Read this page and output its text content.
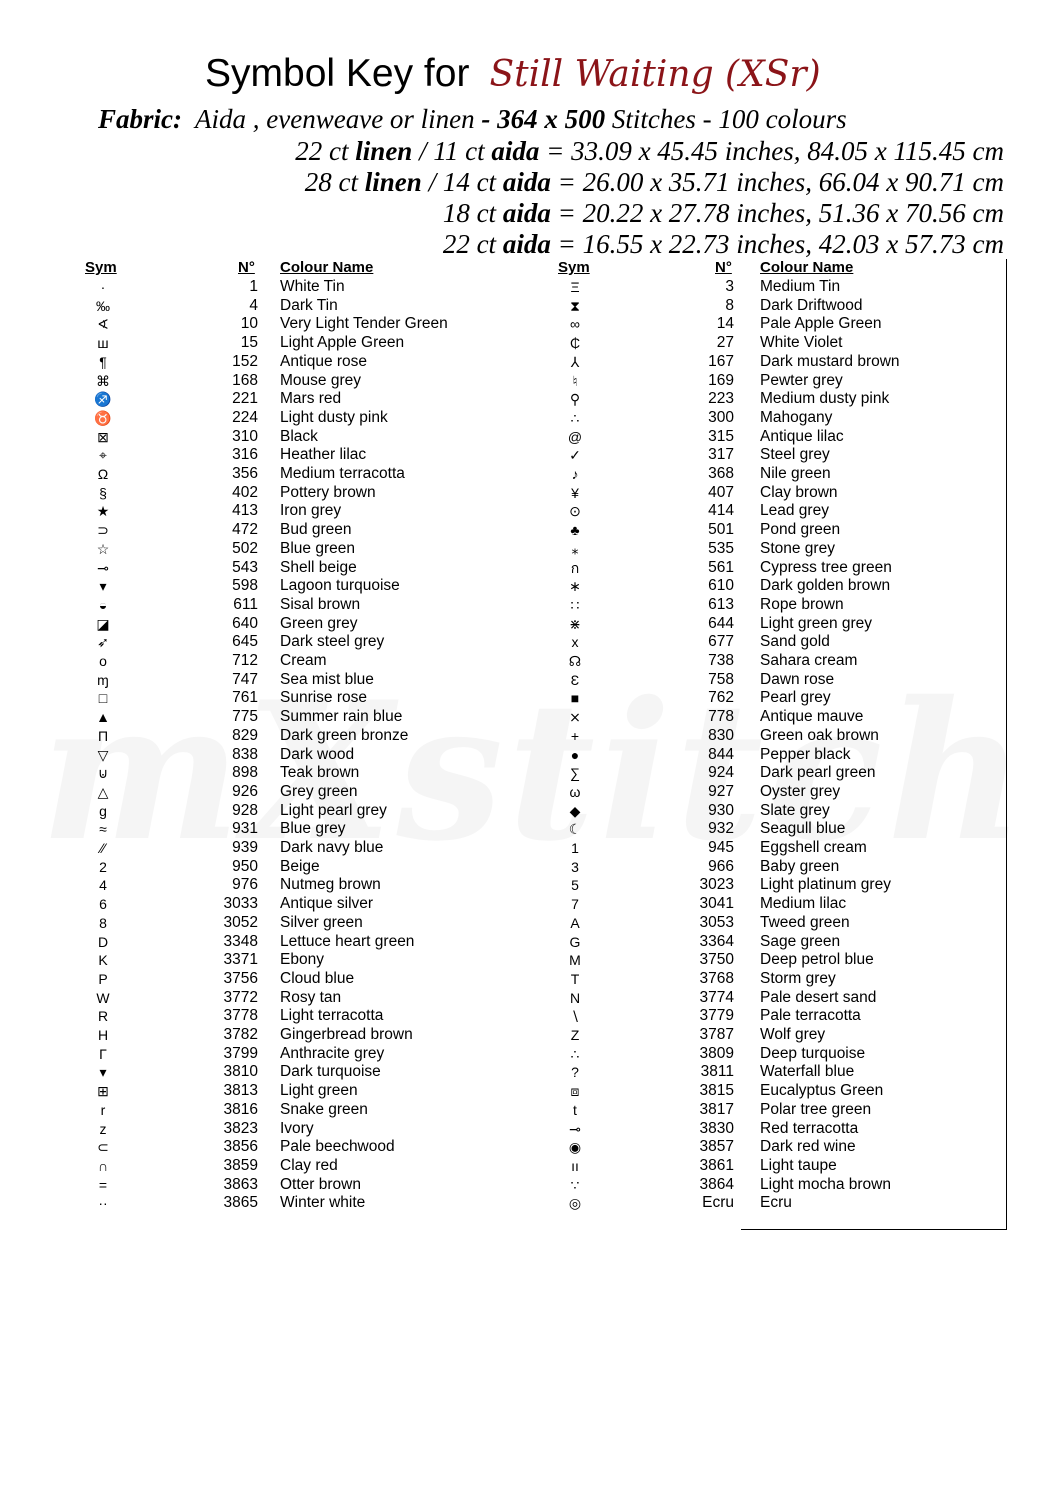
Symbol Key for Still Waiting (XSr)
Fabric: Aida , evenweave or linen - 364 x 500 Stitches - 100 colours
22 ct linen / 11 ct aida = 33.09 x 45.45 inches, 84.05 x 115.45 cm
28 ct linen / 14 ct aida = 26.00 x 35.71 inches, 66.04 x 90.71 cm
18 ct aida = 20.22 x 27.78 inches, 51.36 x 70.56 cm
22 ct aida = 16.55 x 22.73 inches, 42.03 x 57.73 cm
Sym	N° Colour Name	Sym	N° Colour Name
·	1 White Tin
‰	4 Dark Tin
∢	10 Very Light Tender Green
ш	15 Light Apple Green
¶	152 Antique rose
⌘	168 Mouse grey
♐	221 Mars red
♉	224 Light dusty pink
⊠	310 Black
⌖	316 Heather lilac
Ω	356 Medium terracotta
§	402 Pottery brown
★	413 Iron grey
⊃	472 Bud green
☆	502 Blue green
⊸	543 Shell beige
▾	598 Lagoon turquoise
◒	611 Sisal brown
◪	640 Green grey
➶	645 Dark steel grey
o	712 Cream
ɱ	747 Sea mist blue
□	761 Sunrise rose
▲	775 Summer rain blue
Π	829 Dark green bronze
▽	838 Dark wood
⊍	898 Teak brown
△	926 Grey green
g	928 Light pearl grey
≈	931 Blue grey
⁄⁄	939 Dark navy blue
2	950 Beige
4	976 Nutmeg brown
6	3033 Antique silver
8	3052 Silver green
D	3348 Lettuce heart green
K	3371 Ebony
P	3756 Cloud blue
W	3772 Rosy tan
R	3778 Light terracotta
H	3782 Gingerbread brown
Γ	3799 Anthracite grey
▾	3810 Dark turquoise
⊞	3813 Light green
r	3816 Snake green
z	3823 Ivory
⊂	3856 Pale beechwood
∩	3859 Clay red
=	3863 Otter brown
··	3865 Winter white
Ξ	3 Medium Tin
⧗	8 Dark Driftwood
∞	14 Pale Apple Green
₵	27 White Violet
⅄	167 Dark mustard brown
♮	169 Pewter grey
⚲	223 Medium dusty pink
∴	300 Mahogany
@	315 Antique lilac
✓	317 Steel grey
♪	368 Nile green
¥	407 Clay brown
⊙	414 Lead grey
♣	501 Pond green
⁎	535 Stone grey
ก	561 Cypress tree green
∗	610 Dark golden brown
∷	613 Rope brown
⋇	644 Light green grey
x	677 Sand gold
☊	738 Sahara cream
Ɛ	758 Dawn rose
■	762 Pearl grey
⨯	778 Antique mauve
+	830 Green oak brown
●	844 Pepper black
∑	924 Dark pearl green
ω	927 Oyster grey
◆	930 Slate grey
☾	932 Seagull blue
1	945 Eggshell cream
3	966 Baby green
5	3023 Light platinum grey
7	3041 Medium lilac
A	3053 Tweed green
G	3364 Sage green
M	3750 Deep petrol blue
T	3768 Storm grey
N	3774 Pale desert sand
∖	3779 Pale terracotta
Z	3787 Wolf grey
∴	3809 Deep turquoise
?	3811 Waterfall blue
⧈	3815 Eucalyptus Green
t	3817 Polar tree green
⊸	3830 Red terracotta
◉	3857 Dark red wine
ıı	3861 Light taupe
∵	3864 Light mocha brown
◎	Ecru Ecru
